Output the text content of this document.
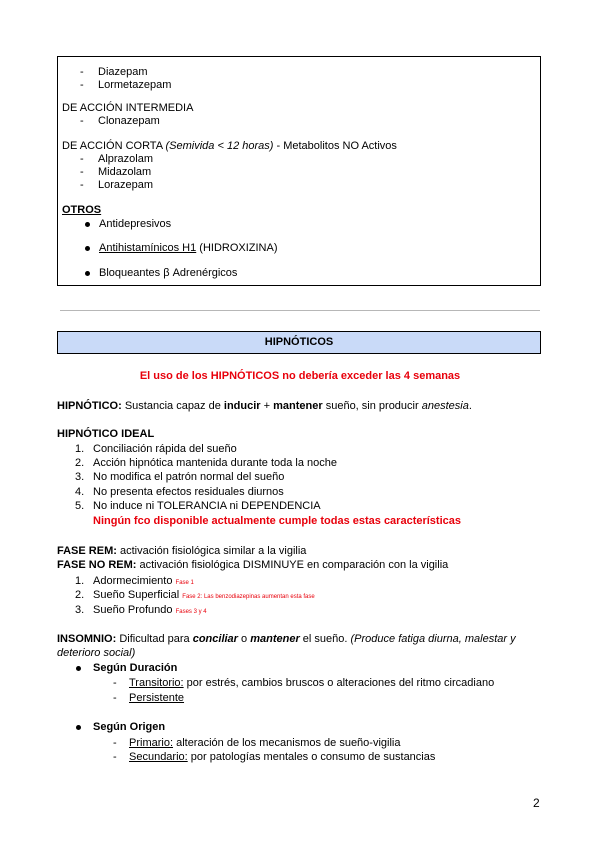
- Diazepam
- Lormetazepam
DE ACCIÓN INTERMEDIA
- Clonazepam
DE ACCIÓN CORTA (Semivida < 12 horas) - Metabolitos NO Activos
- Alprazolam
- Midazolam
- Lorazepam
OTROS
Antidepresivos
Antihistamínicos H1 (HIDROXIZINA)
Bloqueantes β Adrenérgicos
HIPNÓTICOS
El uso de los HIPNÓTICOS no debería exceder las 4 semanas
HIPNÓTICO: Sustancia capaz de inducir + mantener sueño, sin producir anestesia.
HIPNÓTICO IDEAL
1. Conciliación rápida del sueño
2. Acción hipnótica mantenida durante toda la noche
3. No modifica el patrón normal del sueño
4. No presenta efectos residuales diurnos
5. No induce ni TOLERANCIA ni DEPENDENCIA
Ningún fco disponible actualmente cumple todas estas características
FASE REM: activación fisiológica similar a la vigilia
FASE NO REM: activación fisiológica DISMINUYE en comparación con la vigilia
1. Adormecimiento Fase 1
2. Sueño Superficial Fase 2: Las benzodiazepinas aumentan esta fase
3. Sueño Profundo Fases 3 y 4
INSOMNIO: Dificultad para conciliar o mantener el sueño. (Produce fatiga diurna, malestar y
deterioro social)
Según Duración
- Transitorio: por estrés, cambios bruscos o alteraciones del ritmo circadiano
- Persistente
Según Origen
- Primario: alteración de los mecanismos de sueño-vigilia
- Secundario: por patologías mentales o consumo de sustancias
2
